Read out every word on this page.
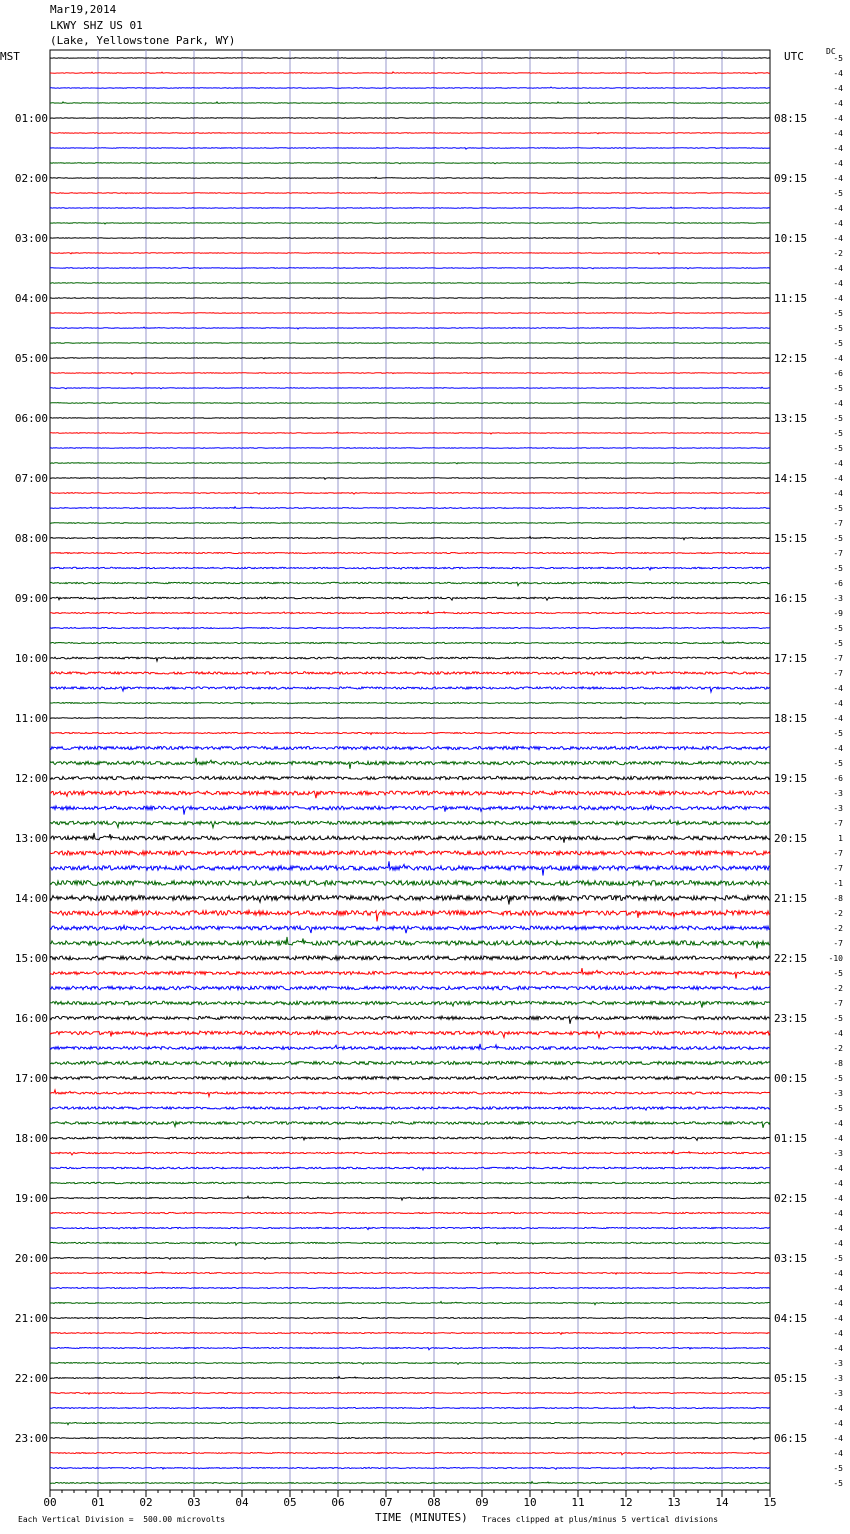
Mar19,2014
LKWY SHZ US 01
(Lake, Yellowstone Park, WY)
MST	UTC	DC
00	01	02	03	04	05	06	07	08	09	10	11	12	13	14	15
-5
-4
-4
-4
-4
01:00	08:15
-4
-4
-4
-4
02:00	09:15
-5
-4
-4
-4
03:00	10:15
-2
-4
-4
-4
04:00	11:15
-5
-5
-5
-4
05:00	12:15
-6
-5
-4
-5
06:00	13:15
-5
-5
-4
-4
07:00	14:15
-4
-5
-7
-5
08:00	15:15
-7
-5
-6
-3
09:00	16:15
-9
-5
-5
-7
10:00	17:15
-7
-4
-4
-4
11:00	18:15
-5
-4
-5
-6
12:00	19:15
-3
-3
-7
1
13:00	20:15
-7
-7
-1
-8
14:00	21:15
-2
-2
-7
-10
15:00	22:15
-5
-2
-7
-5
16:00	23:15
-4
-2
-8
-5
17:00	00:15
-3
-5
-4
-4
18:00	01:15
-3
-4
-4
-4
19:00	02:15
-4
-4
-4
-5
20:00	03:15
-4
-4
-4
-4
21:00	04:15
-4
-4
-3
-3
22:00	05:15
-3
-4
-4
-4
23:00	06:15
-4
-5
-5
Each Vertical Division =  500.00 microvolts	TIME (MINUTES) Traces clipped at plus/minus 5 vertical divisions
